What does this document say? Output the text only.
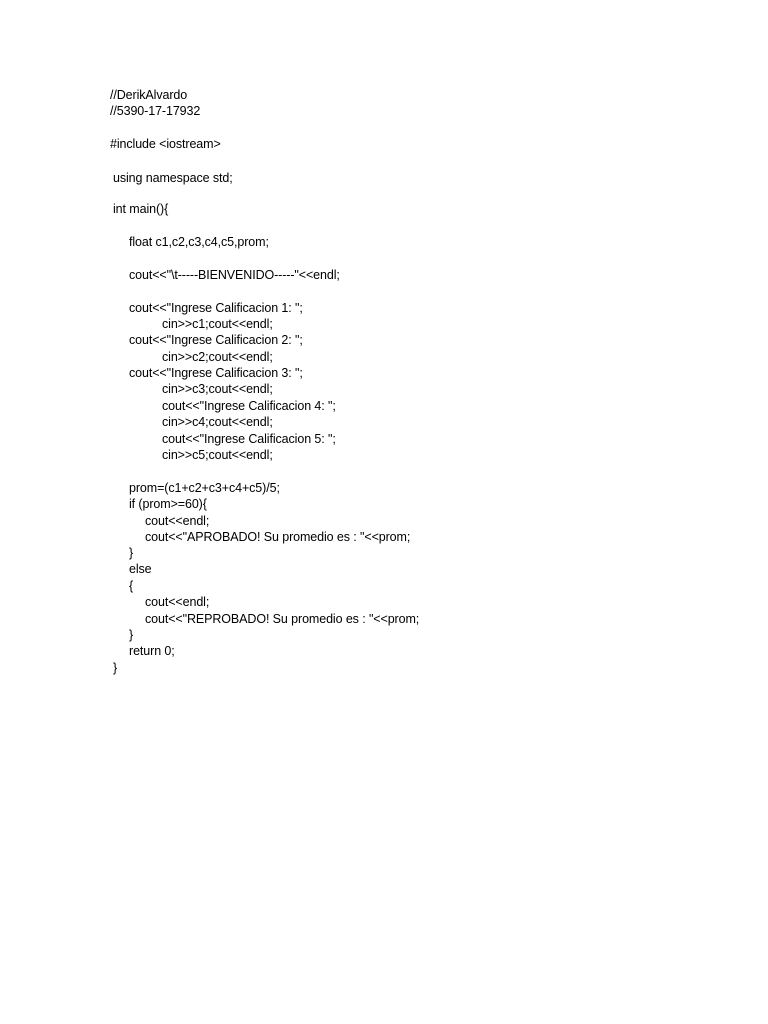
//DerikAlvardo
//5390-17-17932
#include <iostream>
using namespace std;
int main(){
float c1,c2,c3,c4,c5,prom;
cout<<"\t-----BIENVENIDO-----"<<endl;
cout<<"Ingrese Calificacion 1: ";
cin>>c1;cout<<endl;
cout<<"Ingrese Calificacion 2: ";
cin>>c2;cout<<endl;
cout<<"Ingrese Calificacion 3: ";
cin>>c3;cout<<endl;
cout<<"Ingrese Calificacion 4: ";
cin>>c4;cout<<endl;
cout<<"Ingrese Calificacion 5: ";
cin>>c5;cout<<endl;
prom=(c1+c2+c3+c4+c5)/5;
if (prom>=60){
cout<<endl;
cout<<"APROBADO! Su promedio es : "<<prom;
}
else
{
cout<<endl;
cout<<"REPROBADO! Su promedio es : "<<prom;
}
return 0;
}
